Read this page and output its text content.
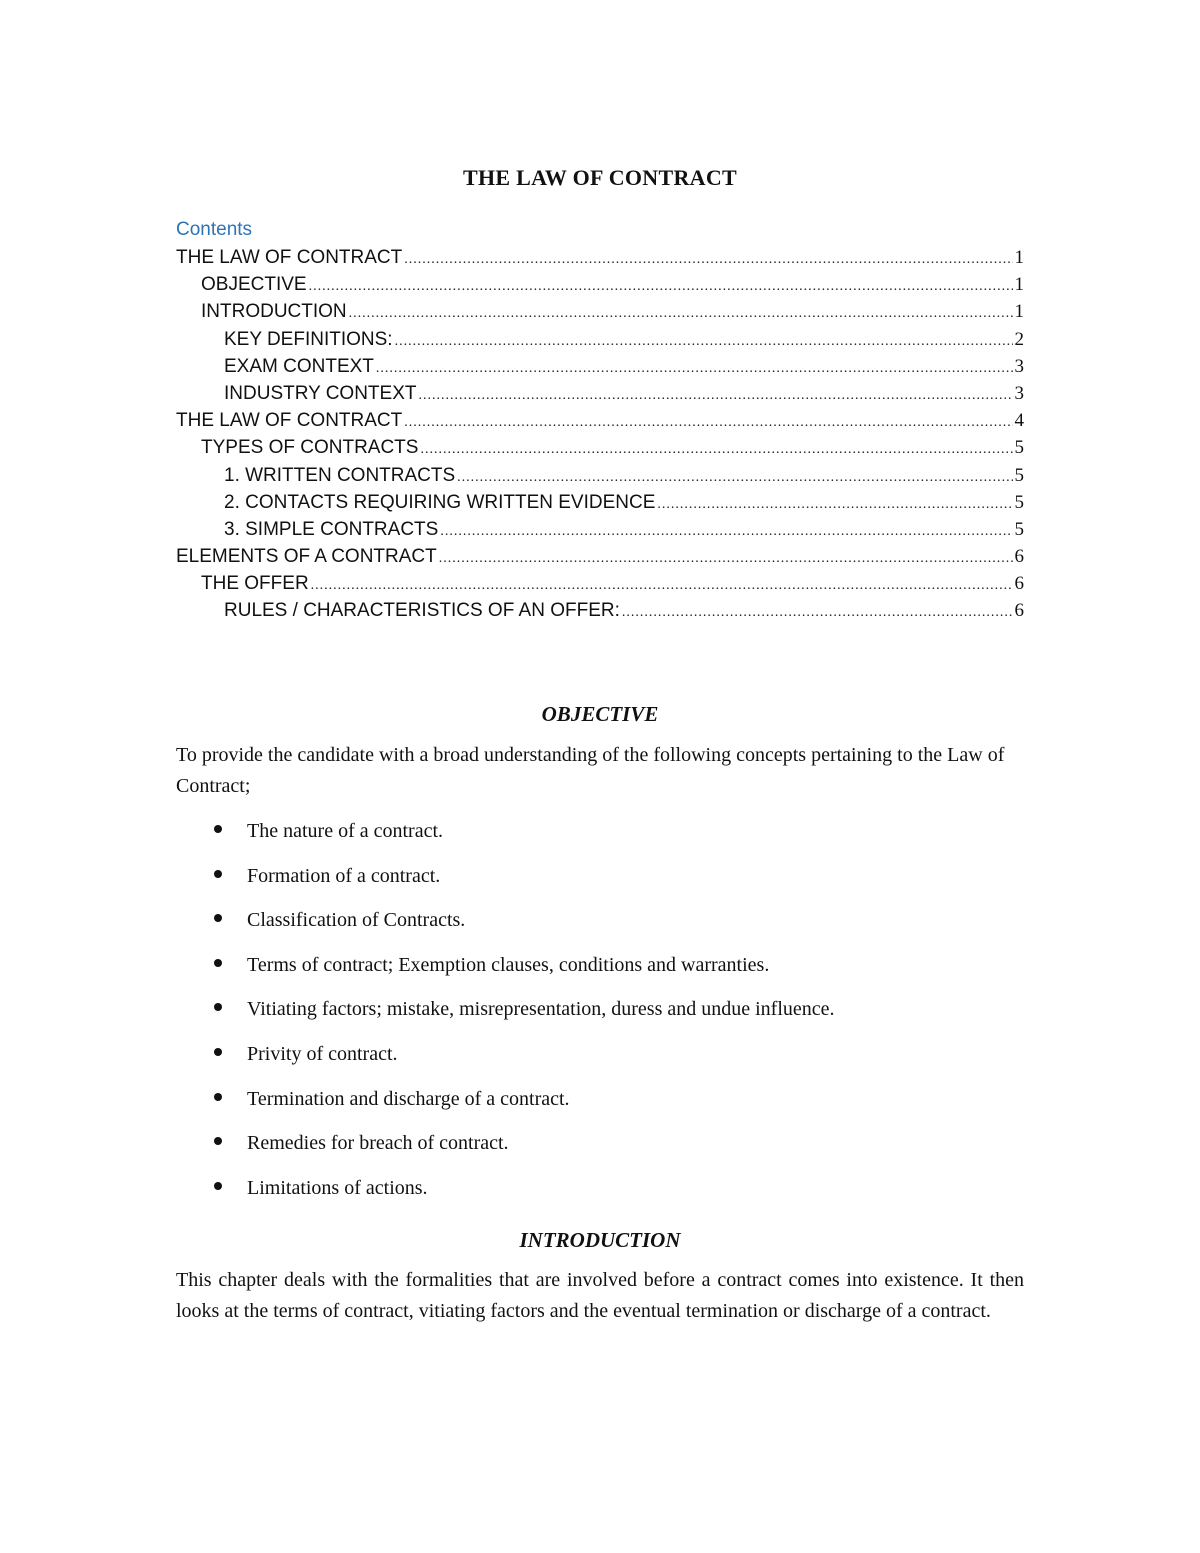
THE LAW OF CONTRACT
Contents
THE LAW OF CONTRACT .....	1
OBJECTIVE .....	1
INTRODUCTION .....	1
KEY DEFINITIONS: .....	2
EXAM CONTEXT .....	3
INDUSTRY CONTEXT .....	3
THE LAW OF CONTRACT .....	4
TYPES OF CONTRACTS .....	5
1. WRITTEN CONTRACTS .....	5
2. CONTACTS REQUIRING WRITTEN EVIDENCE .....	5
3. SIMPLE CONTRACTS .....	5
ELEMENTS OF A CONTRACT .....	6
THE OFFER .....	6
RULES / CHARACTERISTICS OF AN OFFER: .....	6
OBJECTIVE

To provide the candidate with a broad understanding of the following concepts pertaining to the Law of Contract;

The nature of a contract.
Formation of a contract.
Classification of Contracts.
Terms of contract; Exemption clauses, conditions and warranties.
Vitiating factors; mistake, misrepresentation, duress and undue influence.
Privity of contract.
Termination and discharge of a contract.
Remedies for breach of contract.
Limitations of actions.
INTRODUCTION

This chapter deals with the formalities that are involved before a contract comes into existence. It then looks at the terms of contract, vitiating factors and the eventual termination or discharge of a contract.
